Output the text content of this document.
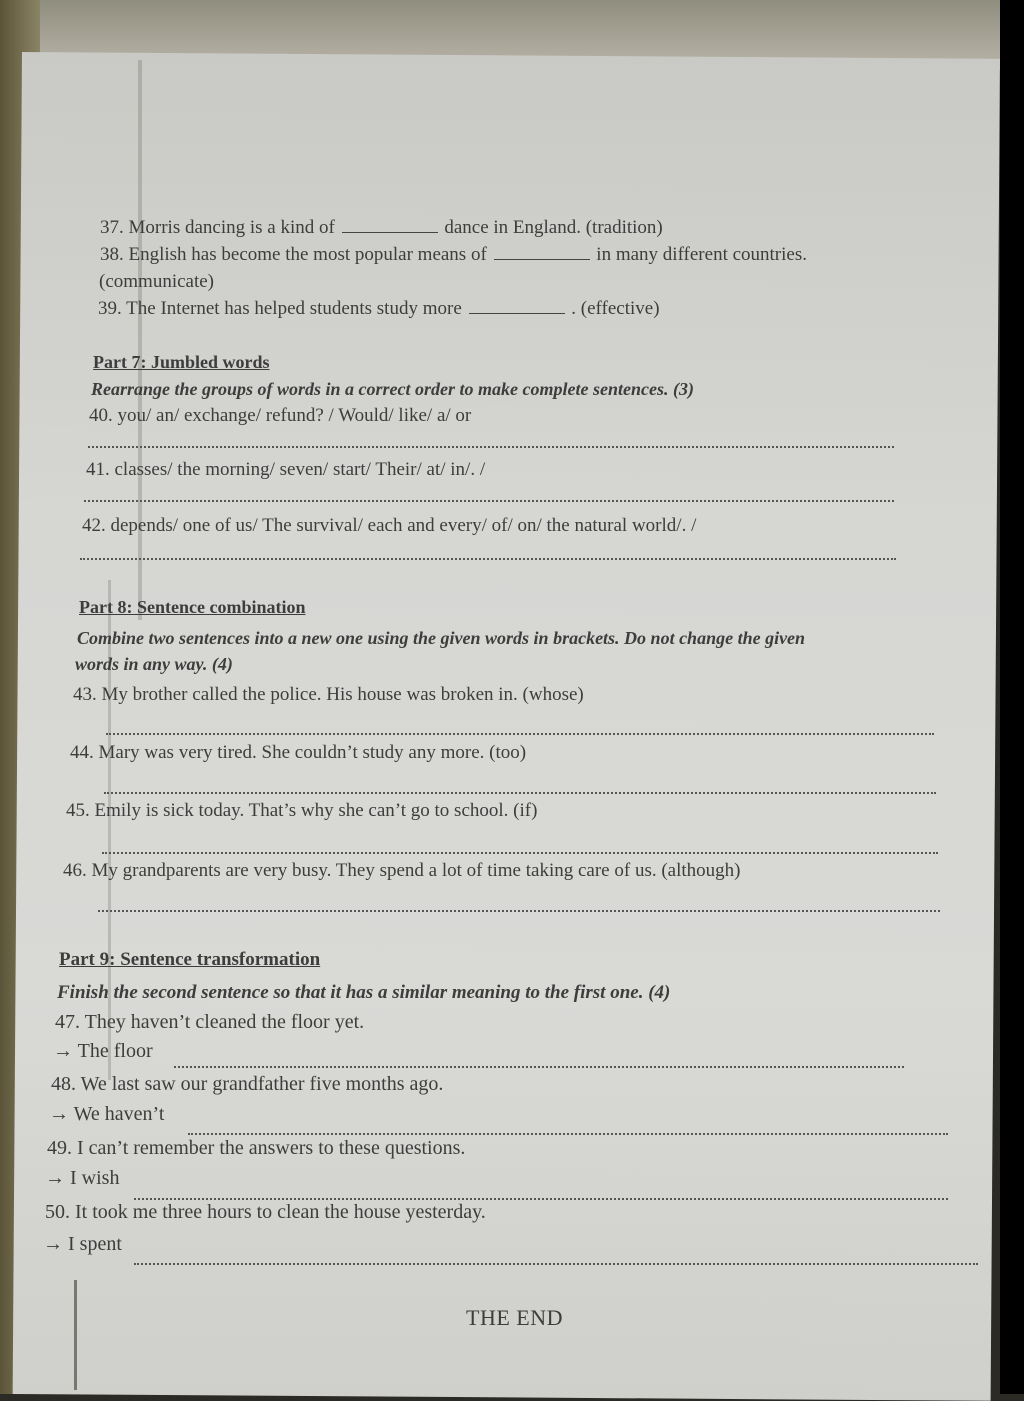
37. Morris dancing is a kind of	dance in England. (tradition)
38. English has become the most popular means of	in many different countries.
(communicate)
39. The Internet has helped students study more	. (effective)
Part 7: Jumbled words
Rearrange the groups of words in a correct order to make complete sentences. (3)
40. you/ an/ exchange/ refund? / Would/ like/ a/ or
41. classes/ the morning/ seven/ start/ Their/ at/ in/. /
42. depends/ one of us/ The survival/ each and every/ of/ on/ the natural world/. /
Part 8: Sentence combination
Combine two sentences into a new one using the given words in brackets. Do not change the given
words in any way. (4)
43. My brother called the police. His house was broken in. (whose)
44. Mary was very tired. She couldn’t study any more. (too)
45. Emily is sick today. That’s why she can’t go to school. (if)
46. My grandparents are very busy. They spend a lot of time taking care of us. (although)
Part 9: Sentence transformation
Finish the second sentence so that it has a similar meaning to the first one. (4)
47. They haven’t cleaned the floor yet.
→ The floor
48. We last saw our grandfather five months ago.
→ We haven’t
49. I can’t remember the answers to these questions.
→ I wish
50. It took me three hours to clean the house yesterday.
→ I spent
THE END
